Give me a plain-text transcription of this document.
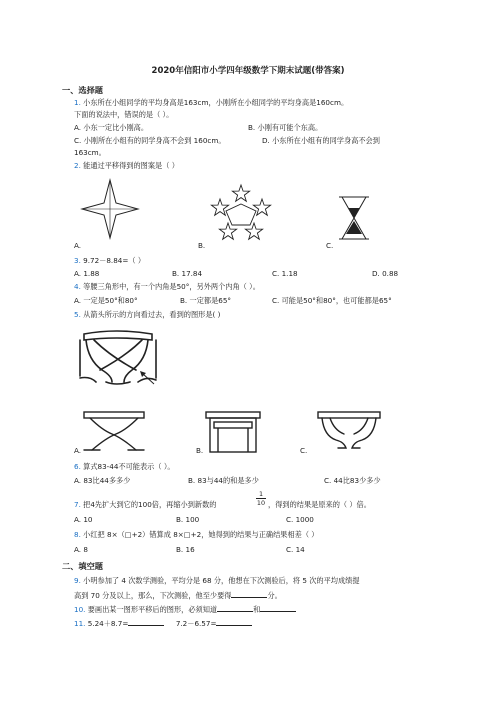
2020年信阳市小学四年级数学下期末试题(带答案)
一、选择题
1. 小东所在小组同学的平均身高是163cm，小刚所在小组同学的平均身高是160cm。
下面的说法中，错误的是（ ）。
A. 小东一定比小刚高。	B. 小刚有可能个东高。
C. 小刚所在小组有的同学身高不会到 160cm。	D. 小东所在小组有的同学身高不会到
163cm。
2. 能通过平移得到的图案是（ ）
A.	B.	C.
3. 9.72－8.84=（ ）
A. 1.88	B. 17.84	C. 1.18	D. 0.88
4. 等腰三角形中，有一个内角是50°，另外两个内角（ ）。
A. 一定是50°和80°	B. 一定都是65°	C. 可能是50°和80°，也可能都是65°
5. 从箭头所示的方向看过去，看到的图形是( )
A.	B.	C.
6. 算式83-44不可能表示（ ）。
A. 83比44多多少	B. 83与44的和是多少	C. 44比83少多少
7. 把4先扩大到它的100倍，再缩小到新数的	$\frac{1}{10}$ ，得到的结果是原来的（ ）倍。
A. 10	B. 100	C. 1000
8. 小红把 8×（□+2）错算成 8×□+2，她得到的结果与正确结果相差（ ）
A. 8	B. 16	C. 14
二、填空题
9. 小明参加了 4 次数学测验，平均分是 68 分，他想在下次测验后，将 5 次的平均成绩提
高到 70 分及以上，那么，下次测验，他至少要得	分。
10. 要画出某一图形平移后的图形，必须知道	和
11. 5.24＋8.7=	7.2－6.57=
